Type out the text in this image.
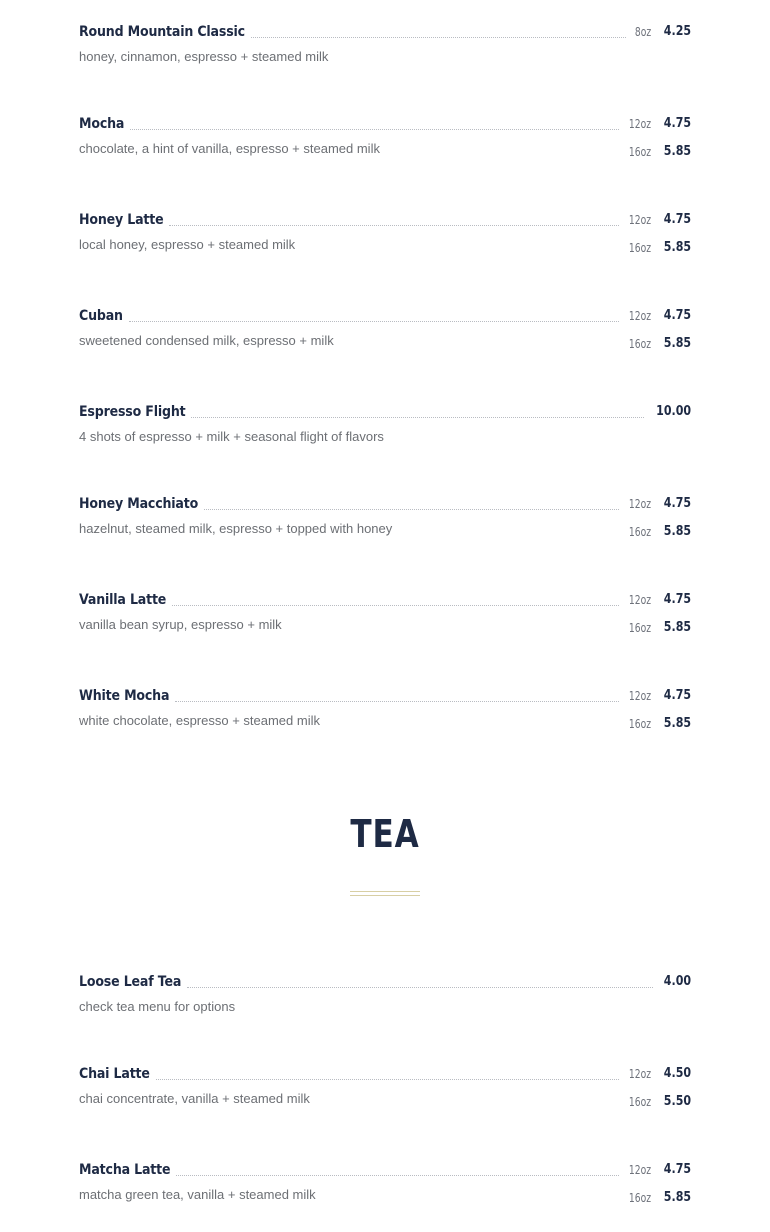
Round Mountain Classic	8oz 4.25
honey, cinnamon, espresso + steamed milk
Mocha	12oz 4.75
chocolate, a hint of vanilla, espresso + steamed milk	16oz 5.85
Honey Latte	12oz 4.75
local honey, espresso + steamed milk	16oz 5.85
Cuban	12oz 4.75
sweetened condensed milk, espresso + milk	16oz 5.85
Espresso Flight	10.00
4 shots of espresso + milk + seasonal flight of flavors
Honey Macchiato	12oz 4.75
hazelnut, steamed milk, espresso + topped with honey	16oz 5.85
Vanilla Latte	12oz 4.75
vanilla bean syrup, espresso + milk	16oz 5.85
White Mocha	12oz 4.75
white chocolate, espresso + steamed milk	16oz 5.85
TEA
Loose Leaf Tea	4.00
check tea menu for options
Chai Latte	12oz 4.50
chai concentrate, vanilla + steamed milk	16oz 5.50
Matcha Latte	12oz 4.75
matcha green tea, vanilla + steamed milk	16oz 5.85
